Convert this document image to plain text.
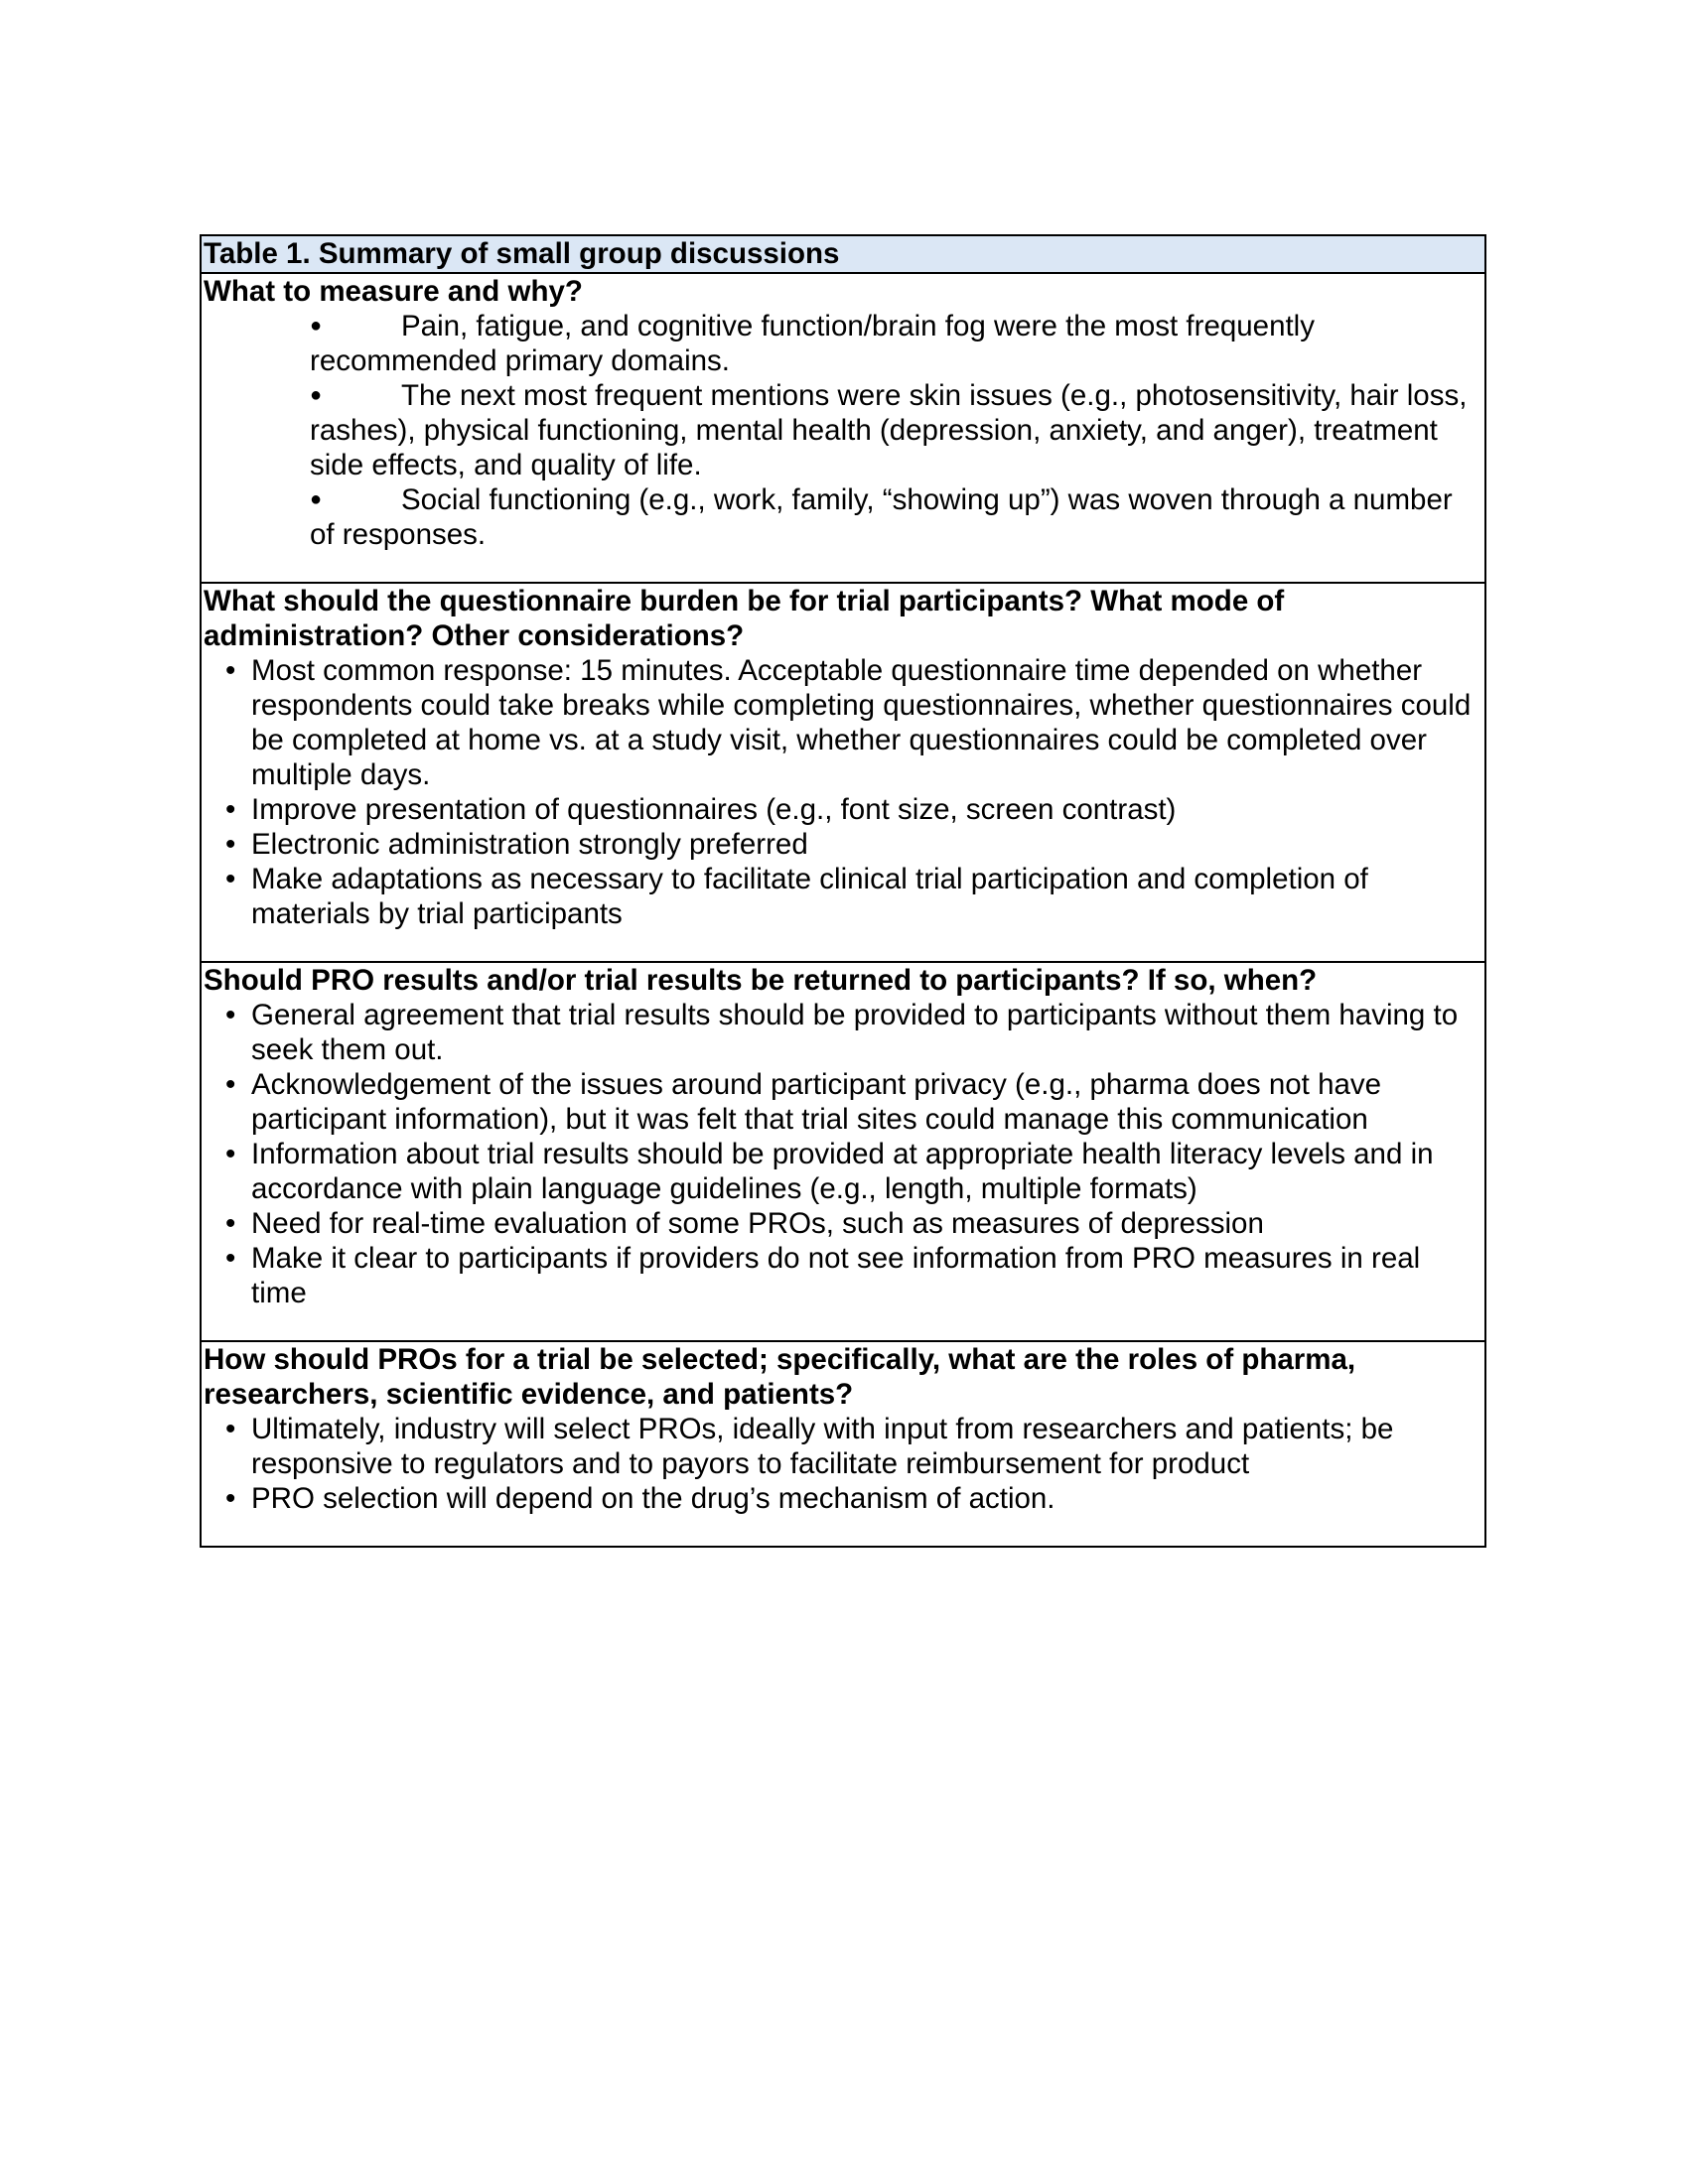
Table 1. Summary of small group discussions

What to measure and why?
●	Pain, fatigue, and cognitive function/brain fog were the most frequently recommended primary domains.
●	The next most frequent mentions were skin issues (e.g., photosensitivity, hair loss, rashes), physical functioning, mental health (depression, anxiety, and anger), treatment side effects, and quality of life.
●	Social functioning (e.g., work, family, “showing up”) was woven through a number of responses.

What should the questionnaire burden be for trial participants? What mode of administration? Other considerations?
• Most common response: 15 minutes. Acceptable questionnaire time depended on whether respondents could take breaks while completing questionnaires, whether questionnaires could be completed at home vs. at a study visit, whether questionnaires could be completed over multiple days.
• Improve presentation of questionnaires (e.g., font size, screen contrast)
• Electronic administration strongly preferred
• Make adaptations as necessary to facilitate clinical trial participation and completion of materials by trial participants

Should PRO results and/or trial results be returned to participants? If so, when?
• General agreement that trial results should be provided to participants without them having to seek them out.
• Acknowledgement of the issues around participant privacy (e.g., pharma does not have participant information), but it was felt that trial sites could manage this communication
• Information about trial results should be provided at appropriate health literacy levels and in accordance with plain language guidelines (e.g., length, multiple formats)
• Need for real-time evaluation of some PROs, such as measures of depression
• Make it clear to participants if providers do not see information from PRO measures in real time

How should PROs for a trial be selected; specifically, what are the roles of pharma, researchers, scientific evidence, and patients?
• Ultimately, industry will select PROs, ideally with input from researchers and patients; be responsive to regulators and to payors to facilitate reimbursement for product
• PRO selection will depend on the drug’s mechanism of action.
